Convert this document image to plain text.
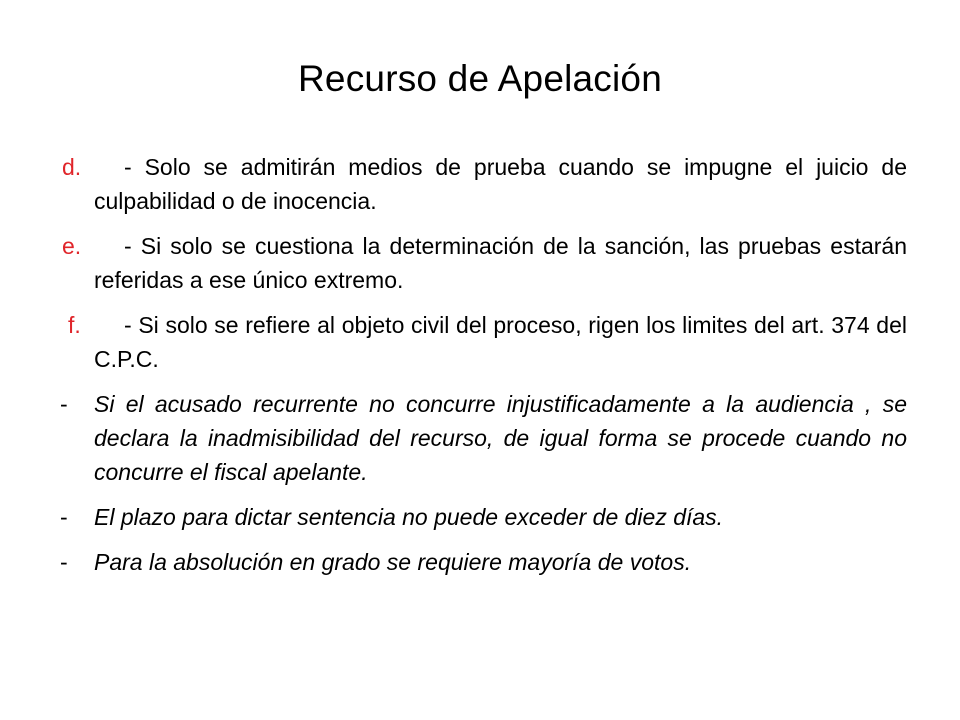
Recurso de Apelación
d.	- Solo se admitirán medios de prueba cuando se impugne el juicio de culpabilidad o de inocencia.
e.	- Si solo se cuestiona la determinación de la sanción, las pruebas estarán referidas a ese único extremo.
f.	- Si solo se refiere al objeto civil del proceso, rigen los limites del art. 374 del C.P.C.
- Si el acusado recurrente no concurre injustificadamente a la audiencia , se declara la inadmisibilidad del recurso, de igual forma se procede cuando no concurre el fiscal apelante.
- El plazo para dictar sentencia no puede exceder de diez días.
- Para la absolución en grado se requiere mayoría de votos.
